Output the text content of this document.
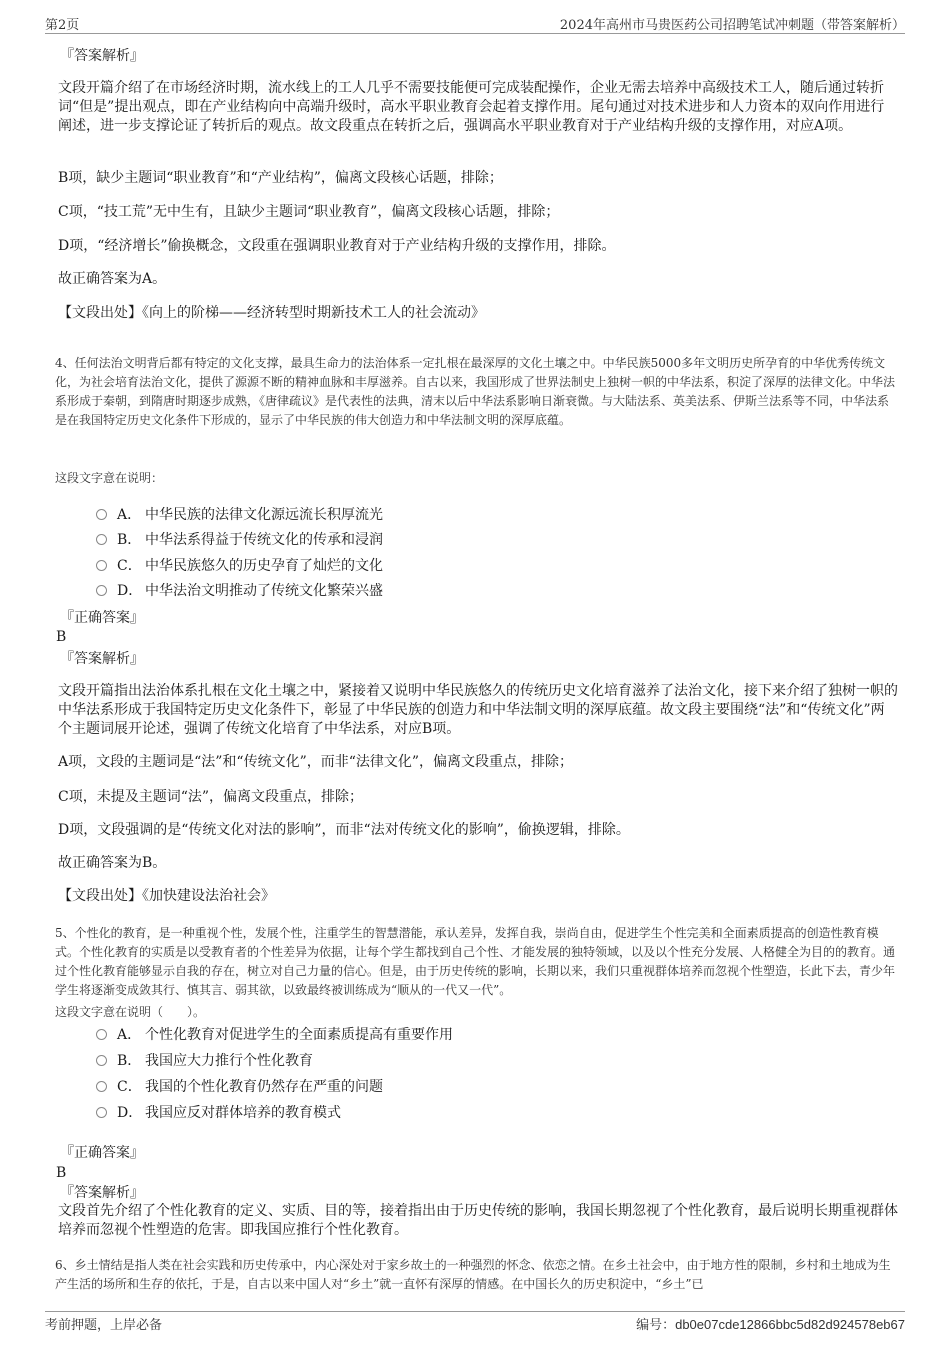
第2页	2024年高州市马贵医药公司招聘笔试冲刺题（带答案解析）
『答案解析』
文段开篇介绍了在市场经济时期，流水线上的工人几乎不需要技能便可完成装配操作，企业无需去培养中高级技术工人，随后通过转折词“但是”提出观点，即在产业结构向中高端升级时，高水平职业教育会起着支撑作用。尾句通过对技术进步和人力资本的双向作用进行阐述，进一步支撑论证了转折后的观点。故文段重点在转折之后，强调高水平职业教育对于产业结构升级的支撑作用，对应A项。
B项，缺少主题词“职业教育”和“产业结构”，偏离文段核心话题，排除；
C项，“技工荒”无中生有，且缺少主题词“职业教育”，偏离文段核心话题，排除；
D项，“经济增长”偷换概念，文段重在强调职业教育对于产业结构升级的支撑作用，排除。
故正确答案为A。
【文段出处】《向上的阶梯——经济转型时期新技术工人的社会流动》
4、任何法治文明背后都有特定的文化支撑，最具生命力的法治体系一定扎根在最深厚的文化土壤之中。中华民族5000多年文明历史所孕育的中华优秀传统文化，为社会培育法治文化，提供了源源不断的精神血脉和丰厚滋养。自古以来，我国形成了世界法制史上独树一帜的中华法系，积淀了深厚的法律文化。中华法系形成于秦朝，到隋唐时期逐步成熟，《唐律疏议》是代表性的法典，清末以后中华法系影响日渐衰微。与大陆法系、英美法系、伊斯兰法系等不同，中华法系是在我国特定历史文化条件下形成的，显示了中华民族的伟大创造力和中华法制文明的深厚底蕴。
这段文字意在说明：
A． 中华民族的法律文化源远流长积厚流光
B． 中华法系得益于传统文化的传承和浸润
C． 中华民族悠久的历史孕育了灿烂的文化
D． 中华法治文明推动了传统文化繁荣兴盛
『正确答案』
B
『答案解析』
文段开篇指出法治体系扎根在文化土壤之中，紧接着又说明中华民族悠久的传统历史文化培育滋养了法治文化，接下来介绍了独树一帜的中华法系形成于我国特定历史文化条件下，彰显了中华民族的创造力和中华法制文明的深厚底蕴。故文段主要围绕“法”和“传统文化”两个主题词展开论述，强调了传统文化培育了中华法系，对应B项。
A项，文段的主题词是“法”和“传统文化”，而非“法律文化”，偏离文段重点，排除；
C项，未提及主题词“法”，偏离文段重点，排除；
D项，文段强调的是“传统文化对法的影响”，而非“法对传统文化的影响”，偷换逻辑，排除。
故正确答案为B。
【文段出处】《加快建设法治社会》
5、个性化的教育，是一种重视个性，发展个性，注重学生的智慧潜能，承认差异，发挥自我，崇尚自由，促进学生个性完美和全面素质提高的创造性教育模式。个性化教育的实质是以受教育者的个性差异为依据，让每个学生都找到自己个性、才能发展的独特领域，以及以个性充分发展、人格健全为目的的教育。通过个性化教育能够显示自我的存在，树立对自己力量的信心。但是，由于历史传统的影响，长期以来，我们只重视群体培养而忽视个性塑造，长此下去，青少年学生将逐渐变成敛其行、慎其言、弱其欲，以致最终被训练成为“顺从的一代又一代”。
这段文字意在说明（　　）。
A． 个性化教育对促进学生的全面素质提高有重要作用
B． 我国应大力推行个性化教育
C． 我国的个性化教育仍然存在严重的问题
D． 我国应反对群体培养的教育模式
『正确答案』
B
『答案解析』
文段首先介绍了个性化教育的定义、实质、目的等，接着指出由于历史传统的影响，我国长期忽视了个性化教育，最后说明长期重视群体培养而忽视个性塑造的危害。即我国应推行个性化教育。
6、乡土情结是指人类在社会实践和历史传承中，内心深处对于家乡故土的一种强烈的怀念、依恋之情。在乡土社会中，由于地方性的限制，乡村和土地成为生产生活的场所和生存的依托，于是，自古以来中国人对“乡土”就一直怀有深厚的情感。在中国长久的历史积淀中，“乡土”已
考前押题，上岸必备	编号：db0e07cde12866bbc5d82d924578eb67
